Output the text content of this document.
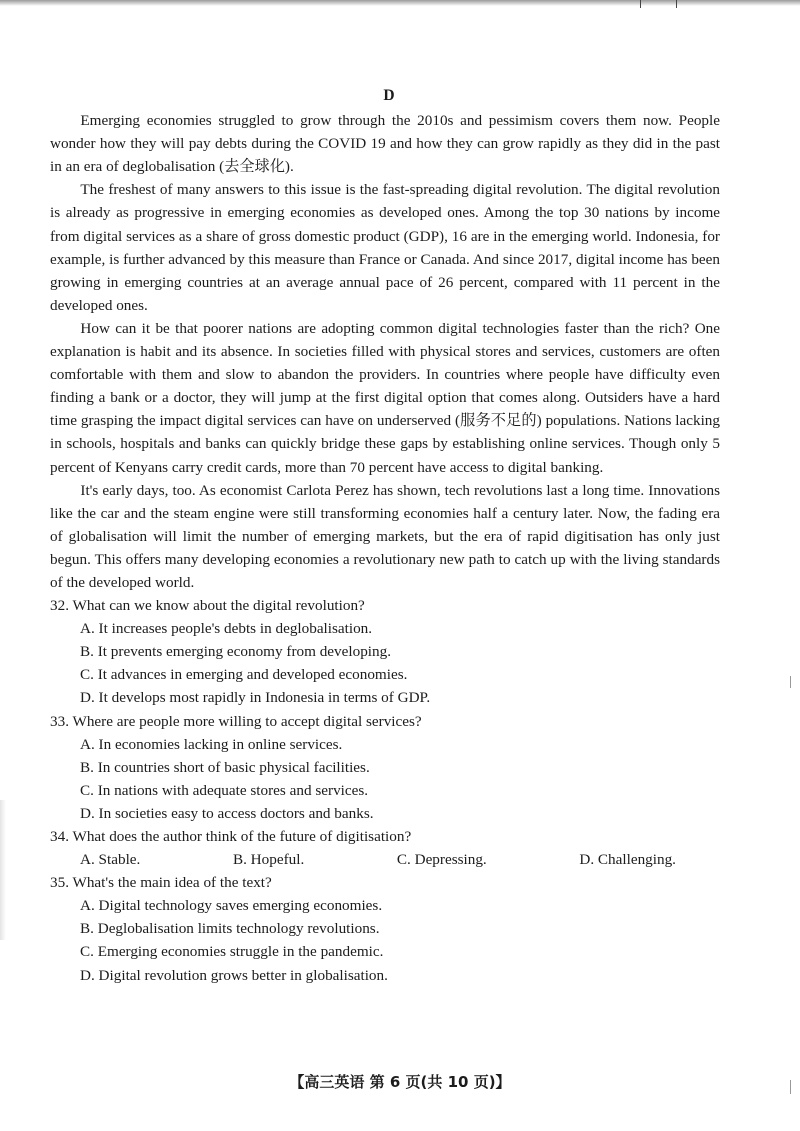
D

Emerging economies struggled to grow through the 2010s and pessimism covers them now. People wonder how they will pay debts during the COVID 19 and how they can grow rapidly as they did in the past in an era of deglobalisation (去全球化).

The freshest of many answers to this issue is the fast-spreading digital revolution. The digital revolution is already as progressive in emerging economies as developed ones. Among the top 30 nations by income from digital services as a share of gross domestic product (GDP), 16 are in the emerging world. Indonesia, for example, is further advanced by this measure than France or Canada. And since 2017, digital income has been growing in emerging countries at an average annual pace of 26 percent, compared with 11 percent in the developed ones.

How can it be that poorer nations are adopting common digital technologies faster than the rich? One explanation is habit and its absence. In societies filled with physical stores and services, customers are often comfortable with them and slow to abandon the providers. In countries where people have difficulty even finding a bank or a doctor, they will jump at the first digital option that comes along. Outsiders have a hard time grasping the impact digital services can have on underserved (服务不足的) populations. Nations lacking in schools, hospitals and banks can quickly bridge these gaps by establishing online services. Though only 5 percent of Kenyans carry credit cards, more than 70 percent have access to digital banking.

It's early days, too. As economist Carlota Perez has shown, tech revolutions last a long time. Innovations like the car and the steam engine were still transforming economies half a century later. Now, the fading era of globalisation will limit the number of emerging markets, but the era of rapid digitisation has only just begun. This offers many developing economies a revolutionary new path to catch up with the living standards of the developed world.

32. What can we know about the digital revolution?
A. It increases people's debts in deglobalisation.
B. It prevents emerging economy from developing.
C. It advances in emerging and developed economies.
D. It develops most rapidly in Indonesia in terms of GDP.
33. Where are people more willing to accept digital services?
A. In economies lacking in online services.
B. In countries short of basic physical facilities.
C. In nations with adequate stores and services.
D. In societies easy to access doctors and banks.
34. What does the author think of the future of digitisation?
A. Stable.	B. Hopeful.	C. Depressing.	D. Challenging.
35. What's the main idea of the text?
A. Digital technology saves emerging economies.
B. Deglobalisation limits technology revolutions.
C. Emerging economies struggle in the pandemic.
D. Digital revolution grows better in globalisation.
【高三英语 第 6 页(共 10 页)】
